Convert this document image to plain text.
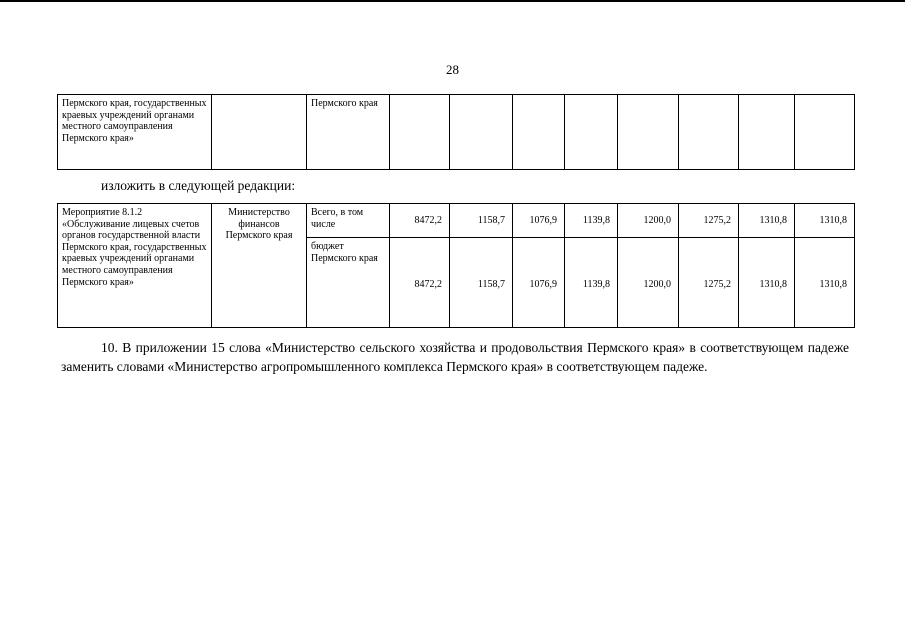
28
Пермского края, государственных краевых учреждений органами местного самоуправления Пермского края»		Пермского края								
изложить в следующей редакции:
Мероприятие 8.1.2 «Обслуживание лицевых счетов органов государственной власти Пермского края, государственных краевых учреждений органами местного самоуправления Пермского края»	Министерство финансов Пермского края	Всего, в том числе	8472,2	1158,7	1076,9	1139,8	1200,0	1275,2	1310,8	1310,8
		бюджет Пермского края	8472,2	1158,7	1076,9	1139,8	1200,0	1275,2	1310,8	1310,8
10. В приложении 15 слова «Министерство сельского хозяйства и продовольствия Пермского края» в соответствующем падеже заменить словами «Министерство агропромышленного комплекса Пермского края» в соответствующем падеже.
